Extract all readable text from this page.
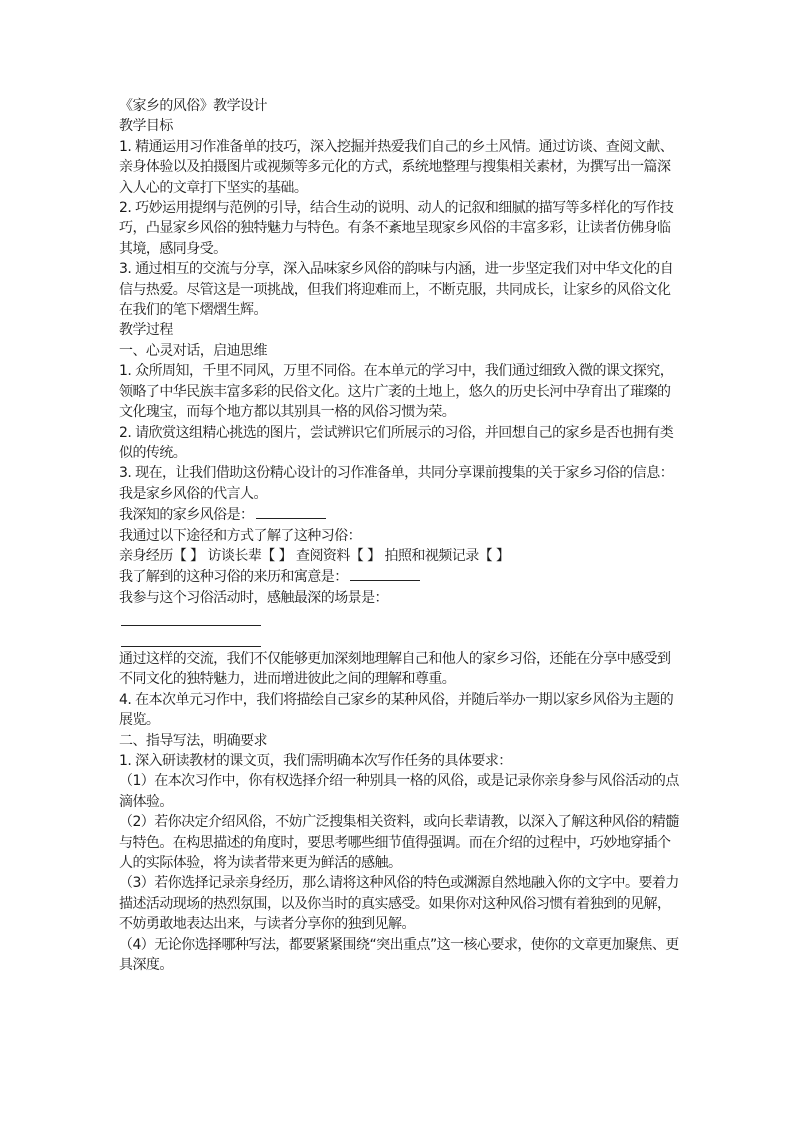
《家乡的风俗》教学设计

教学目标

1. 精通运用习作准备单的技巧，深入挖掘并热爱我们自己的乡土风情。通过访谈、查阅文献、亲身体验以及拍摄图片或视频等多元化的方式，系统地整理与搜集相关素材，为撰写出一篇深入人心的文章打下坚实的基础。

2. 巧妙运用提纲与范例的引导，结合生动的说明、动人的记叙和细腻的描写等多样化的写作技巧，凸显家乡风俗的独特魅力与特色。有条不紊地呈现家乡风俗的丰富多彩，让读者仿佛身临其境，感同身受。

3. 通过相互的交流与分享，深入品味家乡风俗的韵味与内涵，进一步坚定我们对中华文化的自信与热爱。尽管这是一项挑战，但我们将迎难而上，不断克服，共同成长，让家乡的风俗文化在我们的笔下熠熠生辉。

教学过程

一、心灵对话，启迪思维

1. 众所周知，千里不同风，万里不同俗。在本单元的学习中，我们通过细致入微的课文探究，领略了中华民族丰富多彩的民俗文化。这片广袤的土地上，悠久的历史长河中孕育出了璀璨的文化瑰宝，而每个地方都以其别具一格的风俗习惯为荣。

2. 请欣赏这组精心挑选的图片，尝试辨识它们所展示的习俗，并回想自己的家乡是否也拥有类似的传统。

3. 现在，让我们借助这份精心设计的习作准备单，共同分享课前搜集的关于家乡习俗的信息：

我是家乡风俗的代言人。

我深知的家乡风俗是：

我通过以下途径和方式了解了这种习俗：

亲身经历【 】 访谈长辈【 】 查阅资料【 】 拍照和视频记录【 】

我了解到的这种习俗的来历和寓意是：

我参与这个习俗活动时，感触最深的场景是：

通过这样的交流，我们不仅能够更加深刻地理解自己和他人的家乡习俗，还能在分享中感受到不同文化的独特魅力，进而增进彼此之间的理解和尊重。

4. 在本次单元习作中，我们将描绘自己家乡的某种风俗，并随后举办一期以家乡风俗为主题的展览。

二、指导写法，明确要求

1. 深入研读教材的课文页，我们需明确本次写作任务的具体要求：

（1）在本次习作中，你有权选择介绍一种别具一格的风俗，或是记录你亲身参与风俗活动的点滴体验。

（2）若你决定介绍风俗，不妨广泛搜集相关资料，或向长辈请教，以深入了解这种风俗的精髓与特色。在构思描述的角度时，要思考哪些细节值得强调。而在介绍的过程中，巧妙地穿插个人的实际体验，将为读者带来更为鲜活的感触。

（3）若你选择记录亲身经历，那么请将这种风俗的特色或渊源自然地融入你的文字中。要着力描述活动现场的热烈氛围，以及你当时的真实感受。如果你对这种风俗习惯有着独到的见解，不妨勇敢地表达出来，与读者分享你的独到见解。

（4）无论你选择哪种写法，都要紧紧围绕“突出重点”这一核心要求，使你的文章更加聚焦、更具深度。
